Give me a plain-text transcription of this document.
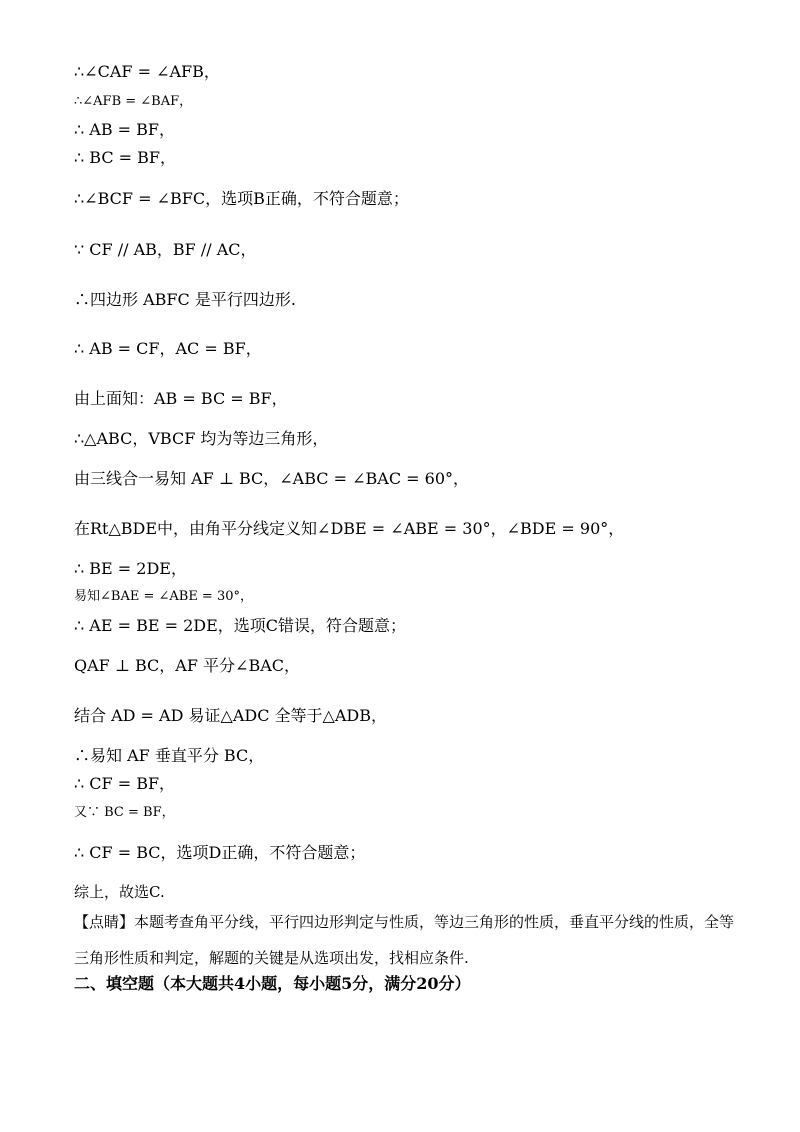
∴∠CAF = ∠AFB，
∴∠AFB = ∠BAF，
∴ AB = BF，
∴ BC = BF，
∴∠BCF = ∠BFC，选项B正确，不符合题意；
∵ CF // AB，BF // AC，
∴四边形 ABFC 是平行四边形.
∴ AB = CF，AC = BF，
由上面知：AB = BC = BF，
∴△ABC，VBCF 均为等边三角形，
由三线合一易知 AF ⊥ BC，∠ABC = ∠BAC = 60°，
在Rt△BDE中，由角平分线定义知∠DBE = ∠ABE = 30°，∠BDE = 90°，
∴ BE = 2DE，
易知∠BAE = ∠ABE = 30°，
∴ AE = BE = 2DE，选项C错误，符合题意；
QAF ⊥ BC，AF 平分∠BAC，
结合 AD = AD 易证△ADC 全等于△ADB，
∴易知 AF 垂直平分 BC，
∴ CF = BF，
又∵ BC = BF，
∴ CF = BC，选项D正确，不符合题意；
综上，故选C.
【点睛】本题考查角平分线，平行四边形判定与性质，等边三角形的性质，垂直平分线的性质，全等三角形性质和判定，解题的关键是从选项出发，找相应条件.
二、填空题（本大题共4小题，每小题5分，满分20分）
